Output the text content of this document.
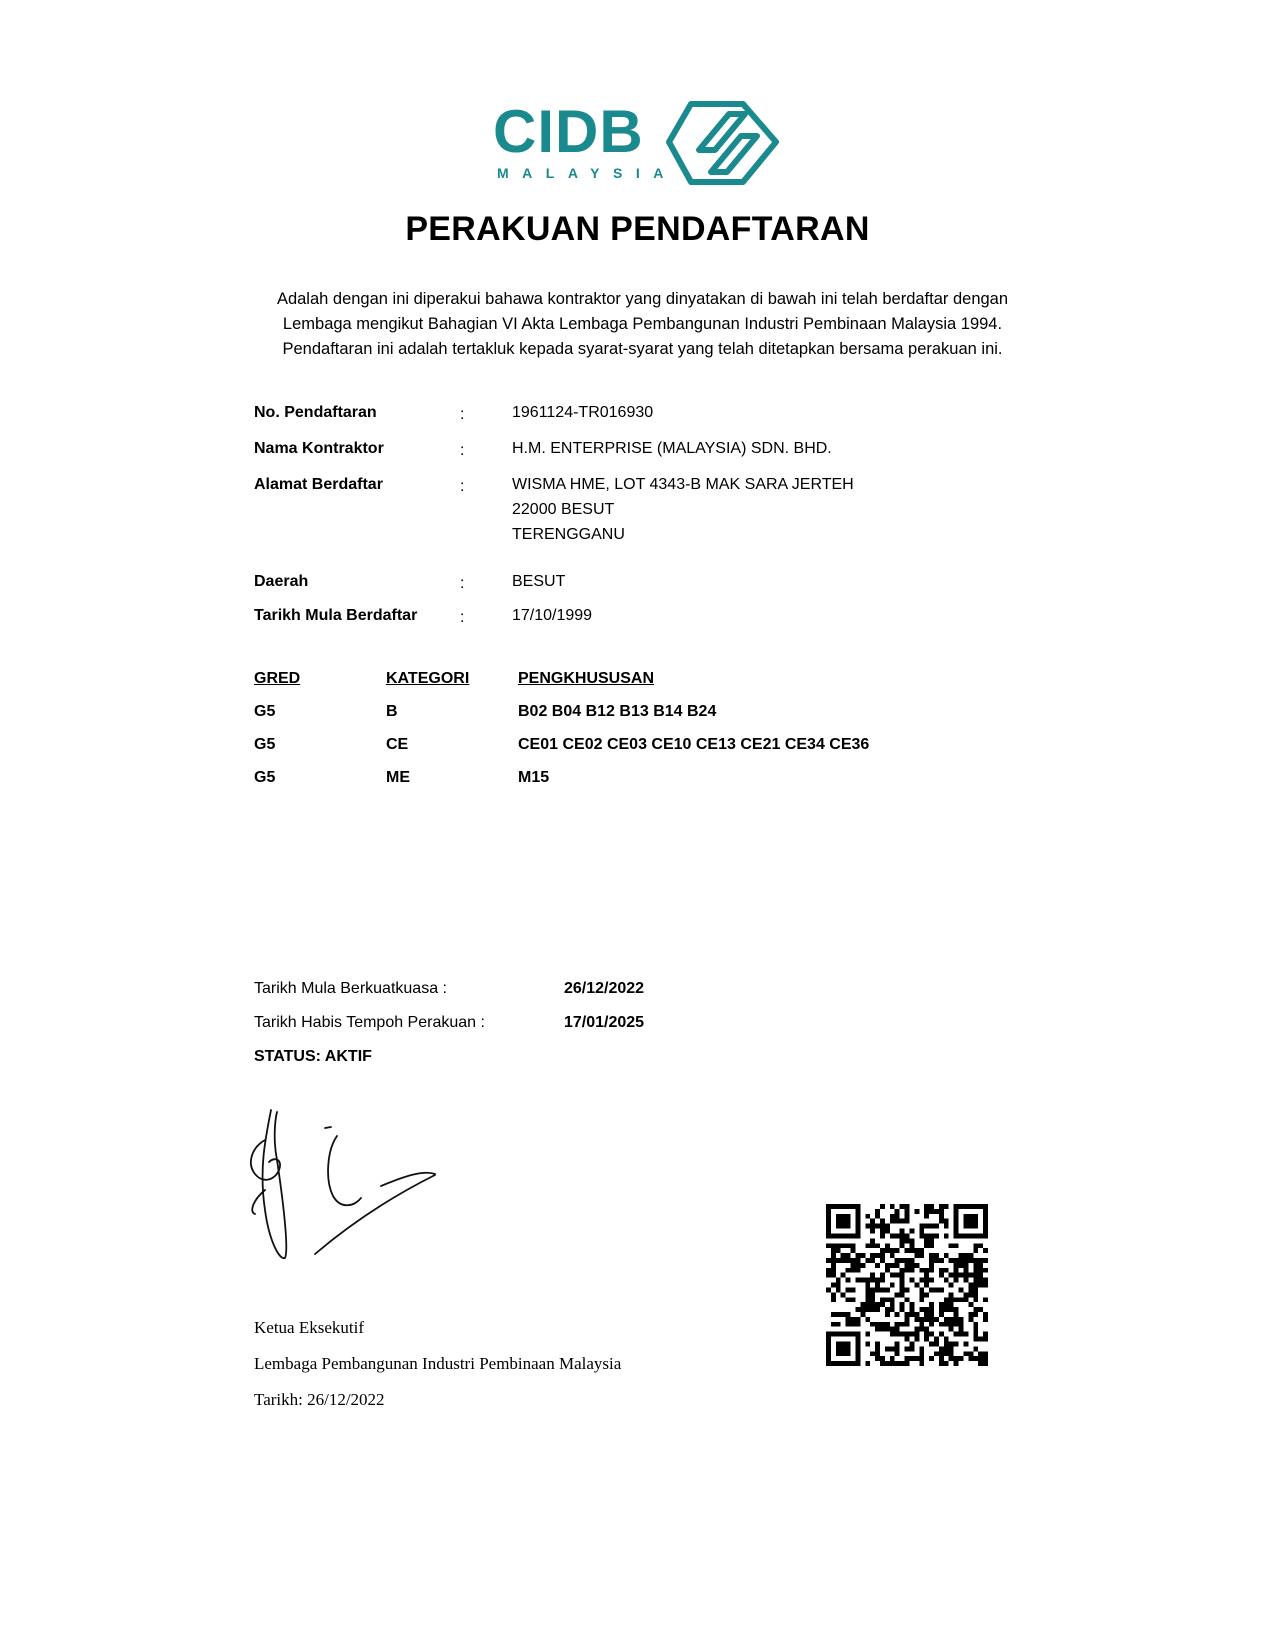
CIDB
MALAYSIA
PERAKUAN PENDAFTARAN
Adalah dengan ini diperakui bahawa kontraktor yang dinyatakan di bawah ini telah berdaftar dengan
Lembaga mengikut Bahagian VI Akta Lembaga Pembangunan Industri Pembinaan Malaysia 1994.
Pendaftaran ini adalah tertakluk kepada syarat-syarat yang telah ditetapkan bersama perakuan ini.
No. Pendaftaran	:	1961124-TR016930
Nama Kontraktor	:	H.M. ENTERPRISE (MALAYSIA) SDN. BHD.
Alamat Berdaftar	:	WISMA HME, LOT 4343-B MAK SARA JERTEH
22000 BESUT
TERENGGANU
Daerah	:	BESUT
Tarikh Mula Berdaftar	:	17/10/1999
GRED	KATEGORI	PENGKHUSUSAN
G5	B	B02 B04 B12 B13 B14 B24
G5	CE	CE01 CE02 CE03 CE10 CE13 CE21 CE34 CE36
G5	ME	M15
Tarikh Mula Berkuatkuasa :	26/12/2022
Tarikh Habis Tempoh Perakuan :	17/01/2025
STATUS: AKTIF
Ketua Eksekutif
Lembaga Pembangunan Industri Pembinaan Malaysia
Tarikh: 26/12/2022
